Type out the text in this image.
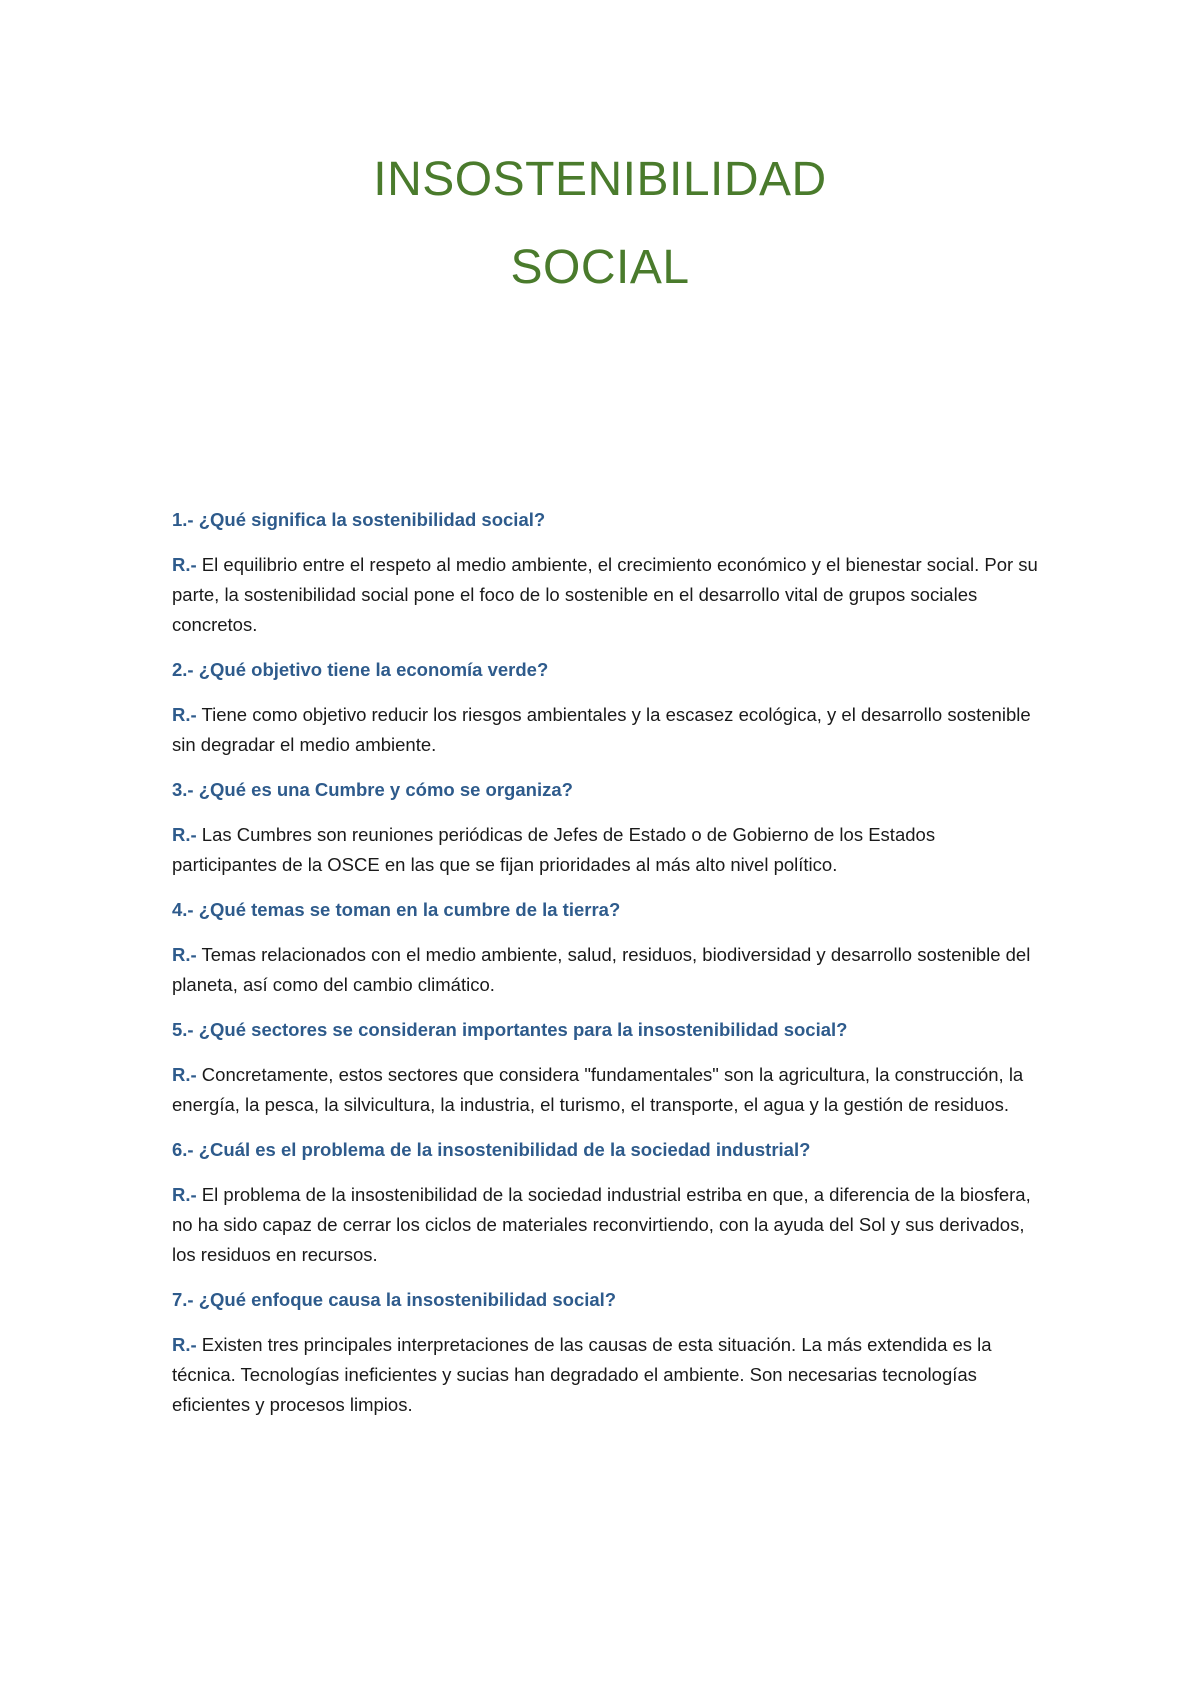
INSOSTENIBILIDAD
SOCIAL

1.- ¿Qué significa la sostenibilidad social?

R.- El equilibrio entre el respeto al medio ambiente, el crecimiento económico y el bienestar social. Por su parte, la sostenibilidad social pone el foco de lo sostenible en el desarrollo vital de grupos sociales concretos.

2.- ¿Qué objetivo tiene la economía verde?

R.- Tiene como objetivo reducir los riesgos ambientales y la escasez ecológica, y el desarrollo sostenible sin degradar el medio ambiente.

3.- ¿Qué es una Cumbre y cómo se organiza?

R.- Las Cumbres son reuniones periódicas de Jefes de Estado o de Gobierno de los Estados participantes de la OSCE en las que se fijan prioridades al más alto nivel político.

4.- ¿Qué temas se toman en la cumbre de la tierra?

R.- Temas relacionados con el medio ambiente, salud, residuos, biodiversidad y desarrollo sostenible del planeta, así como del cambio climático.

5.- ¿Qué sectores se consideran importantes para la insostenibilidad social?

R.- Concretamente, estos sectores que considera "fundamentales" son la agricultura, la construcción, la energía, la pesca, la silvicultura, la industria, el turismo, el transporte, el agua y la gestión de residuos.

6.- ¿Cuál es el problema de la insostenibilidad de la sociedad industrial?

R.- El problema de la insostenibilidad de la sociedad industrial estriba en que, a diferencia de la biosfera, no ha sido capaz de cerrar los ciclos de materiales reconvirtiendo, con la ayuda del Sol y sus derivados, los residuos en recursos.

7.- ¿Qué enfoque causa la insostenibilidad social?

R.- Existen tres principales interpretaciones de las causas de esta situación. La más extendida es la técnica. Tecnologías ineficientes y sucias han degradado el ambiente. Son necesarias tecnologías eficientes y procesos limpios.
